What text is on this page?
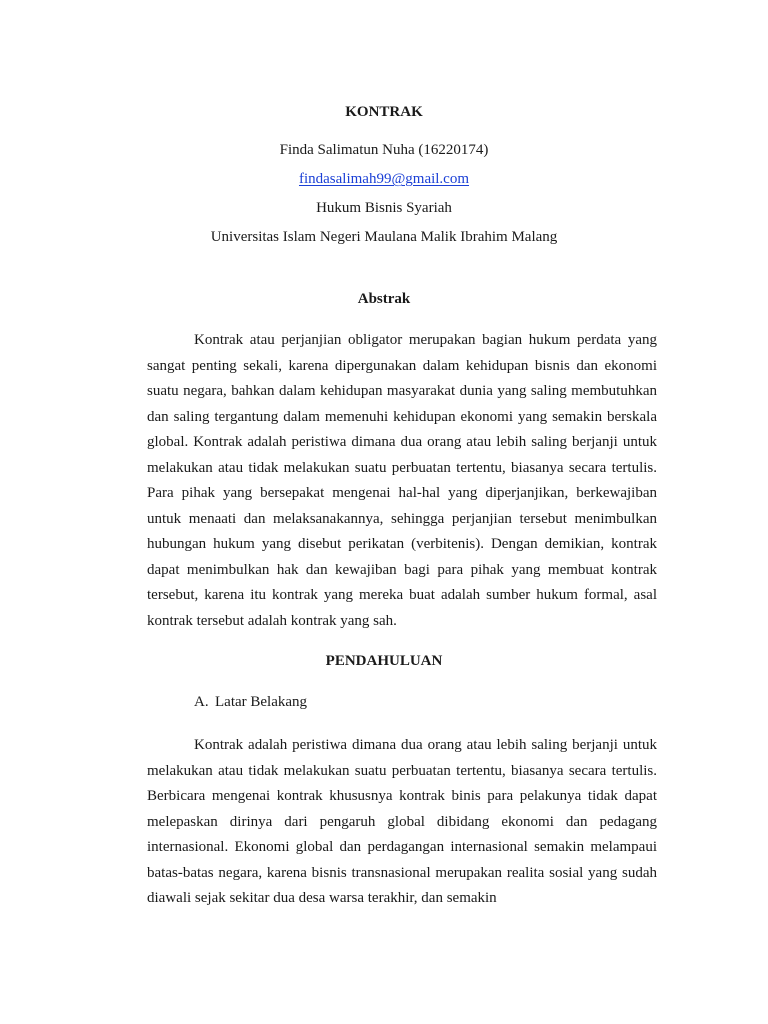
KONTRAK
Finda Salimatun Nuha (16220174)
findasalimah99@gmail.com
Hukum Bisnis Syariah
Universitas Islam Negeri Maulana Malik Ibrahim Malang
Abstrak
Kontrak atau perjanjian obligator merupakan bagian hukum perdata yang sangat penting sekali, karena dipergunakan dalam kehidupan bisnis dan ekonomi suatu negara, bahkan dalam kehidupan masyarakat dunia yang saling membutuhkan dan saling tergantung dalam memenuhi kehidupan ekonomi yang semakin berskala global. Kontrak adalah peristiwa dimana dua orang atau lebih saling berjanji untuk melakukan atau tidak melakukan suatu perbuatan tertentu, biasanya secara tertulis. Para pihak yang bersepakat mengenai hal-hal yang diperjanjikan, berkewajiban untuk menaati dan melaksanakannya, sehingga perjanjian tersebut menimbulkan hubungan hukum yang disebut perikatan (verbitenis). Dengan demikian, kontrak dapat menimbulkan hak dan kewajiban bagi para pihak yang membuat kontrak tersebut, karena itu kontrak yang mereka buat adalah sumber hukum formal, asal kontrak tersebut adalah kontrak yang sah.
PENDAHULUAN
A. Latar Belakang
Kontrak adalah peristiwa dimana dua orang atau lebih saling berjanji untuk melakukan atau tidak melakukan suatu perbuatan tertentu, biasanya secara tertulis. Berbicara mengenai kontrak khususnya kontrak binis para pelakunya tidak dapat melepaskan dirinya dari pengaruh global dibidang ekonomi dan pedagang internasional. Ekonomi global dan perdagangan internasional semakin melampaui batas-batas negara, karena bisnis transnasional merupakan realita sosial yang sudah diawali sejak sekitar dua desa warsa terakhir, dan semakin
